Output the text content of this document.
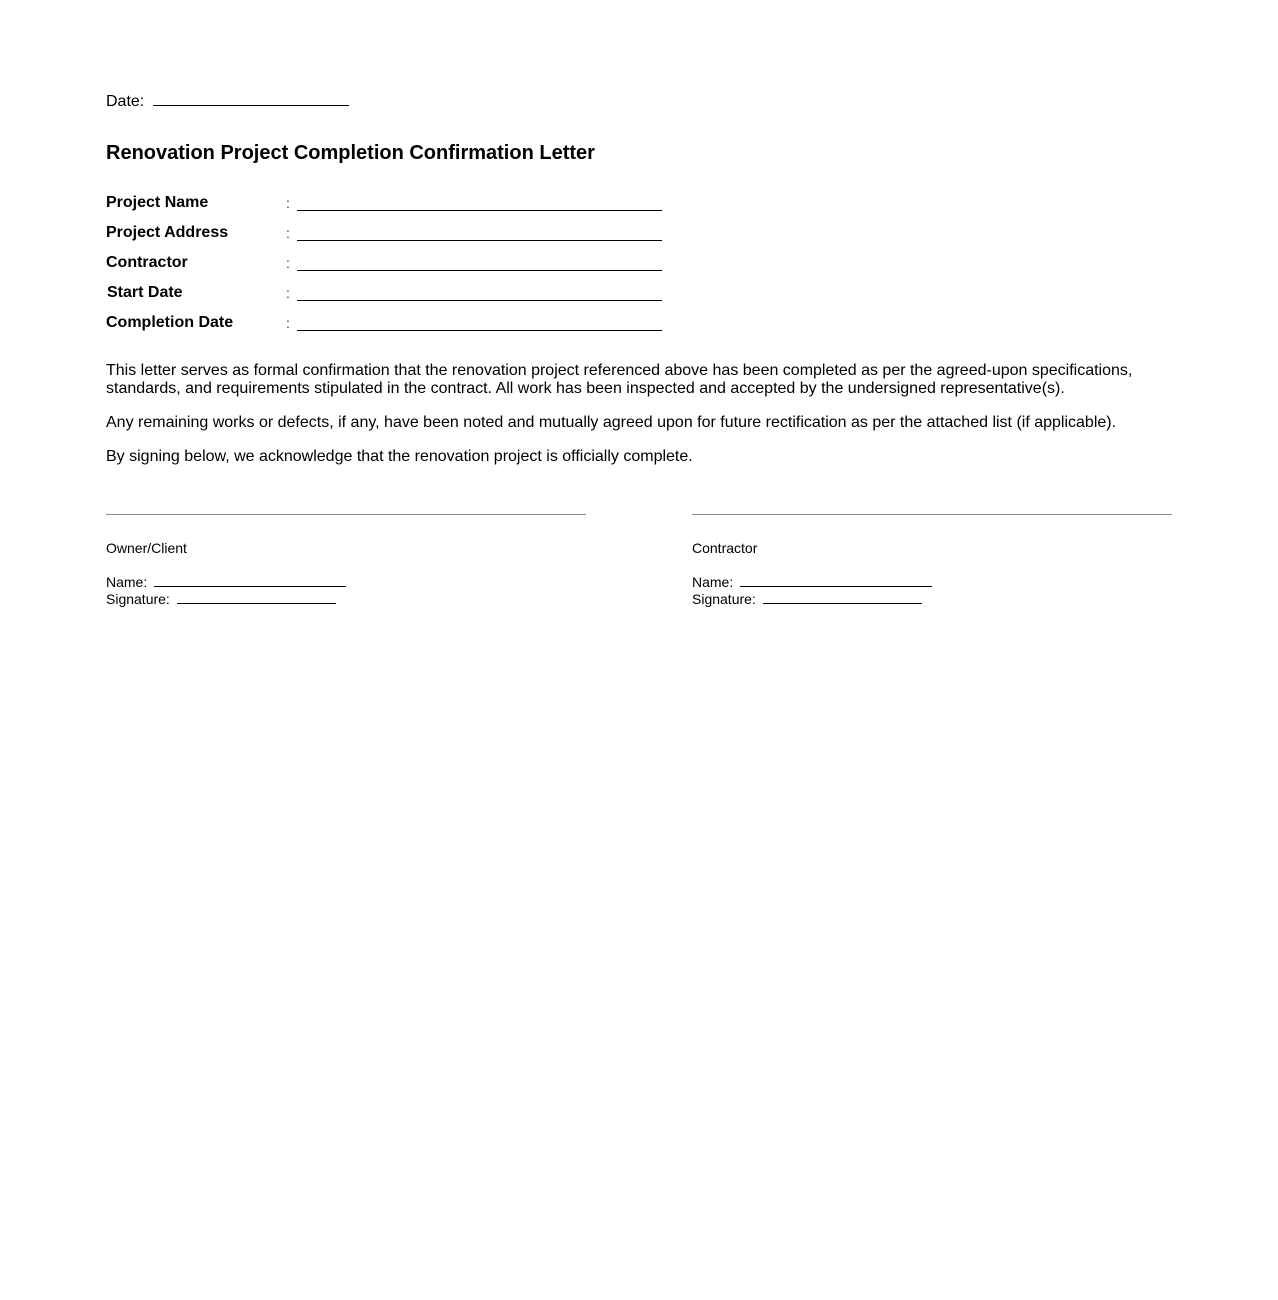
Date:
Renovation Project Completion Confirmation Letter
Project Name	:
Project Address	:
Contractor	:
Start Date	:
Completion Date	:

This letter serves as formal confirmation that the renovation project referenced above has been completed as per the agreed-upon specifications, standards, and requirements stipulated in the contract. All work has been inspected and accepted by the undersigned representative(s).

Any remaining works or defects, if any, have been noted and mutually agreed upon for future rectification as per the attached list (if applicable).

By signing below, we acknowledge that the renovation project is officially complete.

Owner/Client
Name:
Signature:
Contractor
Name:
Signature:
